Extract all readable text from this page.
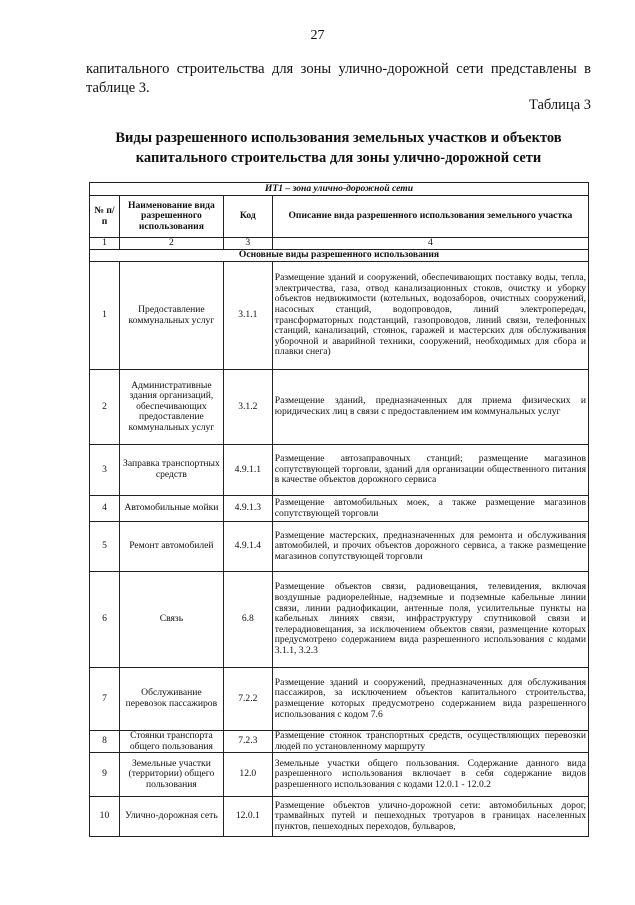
27
капитального строительства для зоны улично-дорожной сети представлены в таблице 3.
Таблица 3
Виды разрешенного использования земельных участков и объектов
капитального строительства для зоны улично-дорожной сети
ИТ1 – зона улично-дорожной сети			
№ п/п	Наименование вида разрешенного использования	Код	Описание вида разрешенного использования земельного участка
1	2	3	4
Основные виды разрешенного использования			
1	Предоставление коммунальных услуг	3.1.1	Размещение зданий и сооружений, обеспечивающих поставку воды, тепла, электричества, газа, отвод канализационных стоков, очистку и уборку объектов недвижимости (котельных, водозаборов, очистных сооружений, насосных станций, водопроводов, линий электропередач, трансформаторных подстанций, газопроводов, линий связи, телефонных станций, канализаций, стоянок, гаражей и мастерских для обслуживания уборочной и аварийной техники, сооружений, необходимых для сбора и плавки снега)
2	Административные здания организаций, обеспечивающих предоставление коммунальных услуг	3.1.2	Размещение зданий, предназначенных для приема физических и юридических лиц в связи с предоставлением им коммунальных услуг
3	Заправка транспортных средств	4.9.1.1	Размещение автозаправочных станций; размещение магазинов сопутствующей торговли, зданий для организации общественного питания в качестве объектов дорожного сервиса
4	Автомобильные мойки	4.9.1.3	Размещение автомобильных моек, а также размещение магазинов сопутствующей торговли
5	Ремонт автомобилей	4.9.1.4	Размещение мастерских, предназначенных для ремонта и обслуживания автомобилей, и прочих объектов дорожного сервиса, а также размещение магазинов сопутствующей торговли
6	Связь	6.8	Размещение объектов связи, радиовещания, телевидения, включая воздушные радиорелейные, надземные и подземные кабельные линии связи, линии радиофикации, антенные поля, усилительные пункты на кабельных линиях связи, инфраструктуру спутниковой связи и телерадиовещания, за исключением объектов связи, размещение которых предусмотрено содержанием вида разрешенного использования с кодами 3.1.1, 3.2.3
7	Обслуживание перевозок пассажиров	7.2.2	Размещение зданий и сооружений, предназначенных для обслуживания пассажиров, за исключением объектов капитального строительства, размещение которых предусмотрено содержанием вида разрешенного использования с кодом 7.6
8	Стоянки транспорта общего пользования	7.2.3	Размещение стоянок транспортных средств, осуществляющих перевозки людей по установленному маршруту
9	Земельные участки (территории) общего пользования	12.0	Земельные участки общего пользования. Содержание данного вида разрешенного использования включает в себя содержание видов разрешенного использования с кодами 12.0.1 - 12.0.2
10	Улично-дорожная сеть	12.0.1	Размещение объектов улично-дорожной сети: автомобильных дорог, трамвайных путей и пешеходных тротуаров в границах населенных пунктов, пешеходных переходов, бульваров,
